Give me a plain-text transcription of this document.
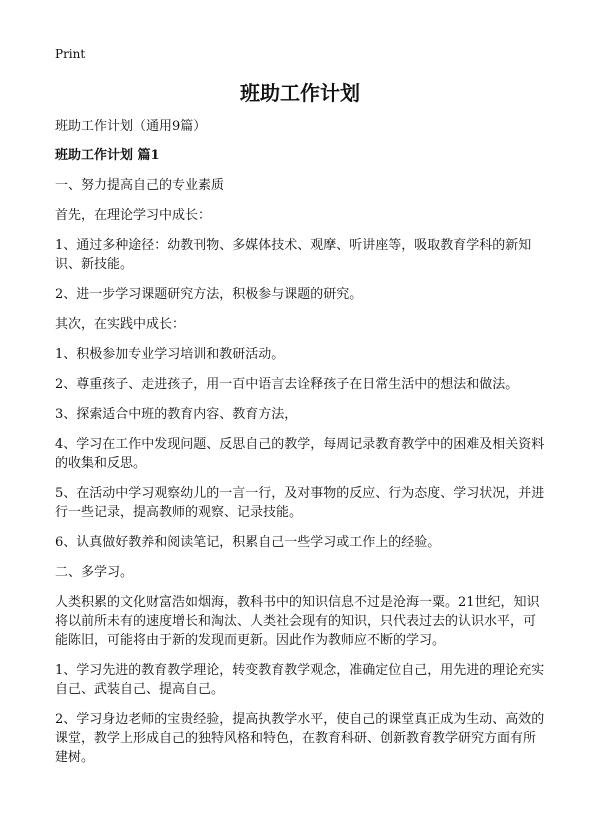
Print
班助工作计划
班助工作计划（通用9篇）
班助工作计划 篇1

一、努力提高自己的专业素质

首先，在理论学习中成长：

1、通过多种途径：幼教刊物、多媒体技术、观摩、听讲座等，吸取教育学科的新知识、新技能。

2、进一步学习课题研究方法，积极参与课题的研究。

其次，在实践中成长：

1、积极参加专业学习培训和教研活动。

2、尊重孩子、走进孩子，用一百中语言去诠释孩子在日常生活中的想法和做法。

3、探索适合中班的教育内容、教育方法，

4、学习在工作中发现问题、反思自己的教学，每周记录教育教学中的困难及相关资料的收集和反思。

5、在活动中学习观察幼儿的一言一行，及对事物的反应、行为态度、学习状况，并进行一些记录，提高教师的观察、记录技能。

6、认真做好教养和阅读笔记，积累自己一些学习或工作上的经验。

二、多学习。

人类积累的文化财富浩如烟海，教科书中的知识信息不过是沧海一粟。21世纪，知识将以前所未有的速度增长和淘汰、人类社会现有的知识，只代表过去的认识水平，可能陈旧，可能将由于新的发现而更新。因此作为教师应不断的学习。

1、学习先进的教育教学理论，转变教育教学观念，准确定位自己，用先进的理论充实自己、武装自己、提高自己。

2、学习身边老师的宝贵经验，提高执教学水平，使自己的课堂真正成为生动、高效的课堂，教学上形成自己的独特风格和特色，在教育科研、创新教育教学研究方面有所建树。
